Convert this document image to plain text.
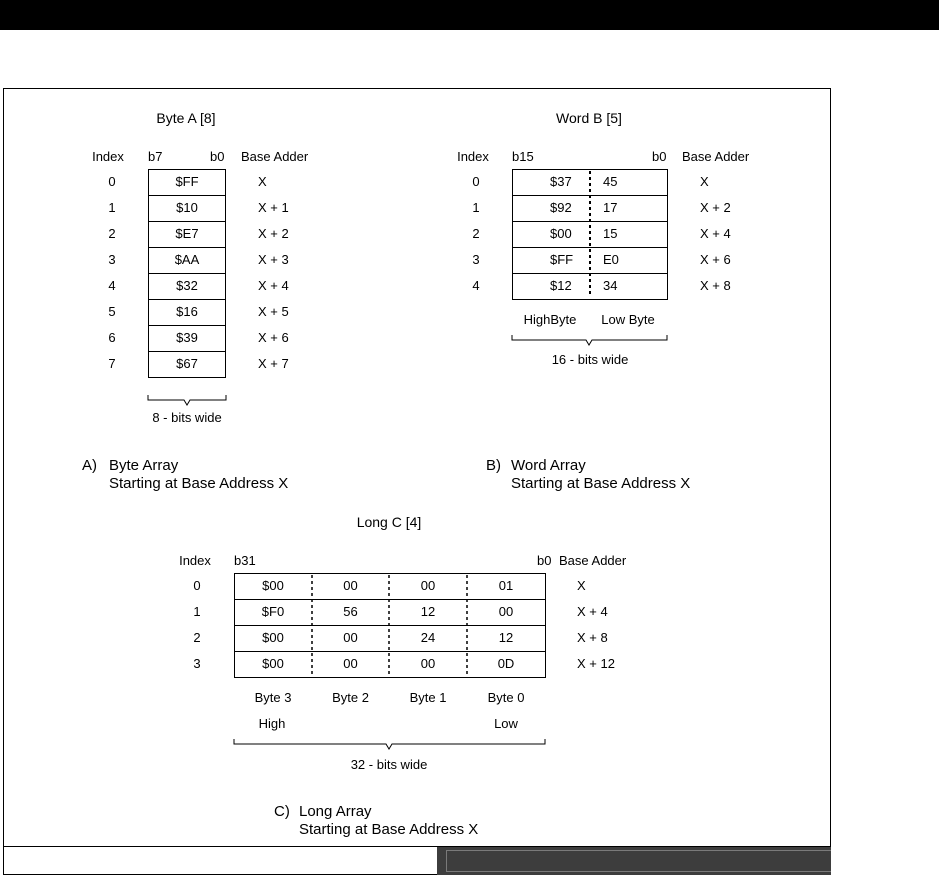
Byte A [8]
Index b7	b0 Base Adder
0	$FF	X
1	$10	X + 1
2	$E7	X + 2
3	$AA	X + 3
4	$32	X + 4
5	$16	X + 5
6	$39	X + 6
7	$67	X + 7
8 - bits wide
A) Byte Array
Starting at Base Address X
Word B [5]
Index b15	b0 Base Adder
0	$37 45	X
1	$92 17	X + 2
2	$00 15	X + 4
3	$FF E0	X + 6
4	$12 34	X + 8
HighByte Low Byte
16 - bits wide
B) Word Array
Starting at Base Address X
Long C [4]
Index b31	b0 Base Adder
0	$00	00	00	01	X
1	$F0	56	12	00	X + 4
2	$00	00	24	12	X + 8
3	$00	00	00	0D	X + 12
Byte 3	Byte 2	Byte 1	Byte 0
High	Low
32 - bits wide
C) Long Array
Starting at Base Address X
